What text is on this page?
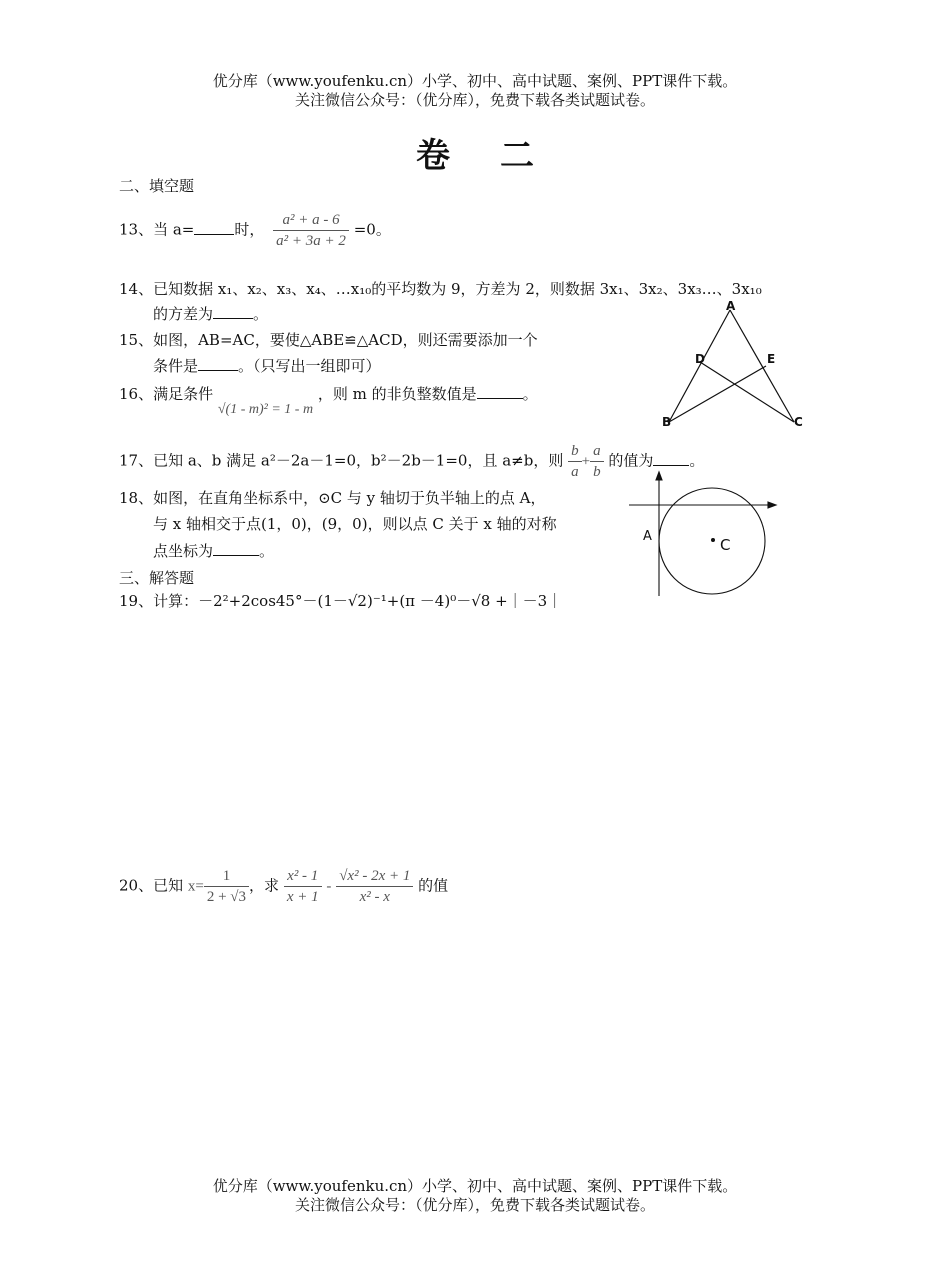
优分库（www.youfenku.cn）小学、初中、高中试题、案例、PPT课件下载。
关注微信公众号：（优分库），免费下载各类试题试卷。
卷二
二、填空题
13、当 a=	时， $\frac{\text{a² + a - 6}}{\text{a² + 3a + 2}} =0$。
14、已知数据 x₁、x₂、x₃、x₄、…x₁₀的平均数为 9，方差为 2，则数据 3x₁、3x₂、3x₃…、3x₁₀
的方差为	。
15、如图，AB=AC，要使△ABE≌△ACD，则还需要添加一个
条件是	。（只写出一组即可）
16、满足条件 √(1 - m)² = 1 - m ，则 m 的非负整数值是	。
17、已知 a、b 满足 a²－2a－1=0，b²－2b－1=0，且 a≠b，则 $\frac{b}{a} + \frac{a}{b}$ 的值为 。
18、如图，在直角坐标系中，⊙C 与 y 轴切于负半轴上的点 A，
与 x 轴相交于点(1，0)，(9，0)，则以点 C 关于 x 轴的对称
点坐标为	。
三、解答题
19、计算：－2²+2cos45°－(1－√2)⁻¹+(π －4)⁰－√8 +｜－3｜
20、已知 $x= \frac{1}{2 + √3}$ ，求 $\frac{\text{x² - 1}}{x + 1} - \frac{\text{√x² - 2x + 1}}{\text{x² - x}}$ 的值
A
D	E
B	C
A	C
优分库（www.youfenku.cn）小学、初中、高中试题、案例、PPT课件下载。
关注微信公众号：（优分库），免费下载各类试题试卷。
